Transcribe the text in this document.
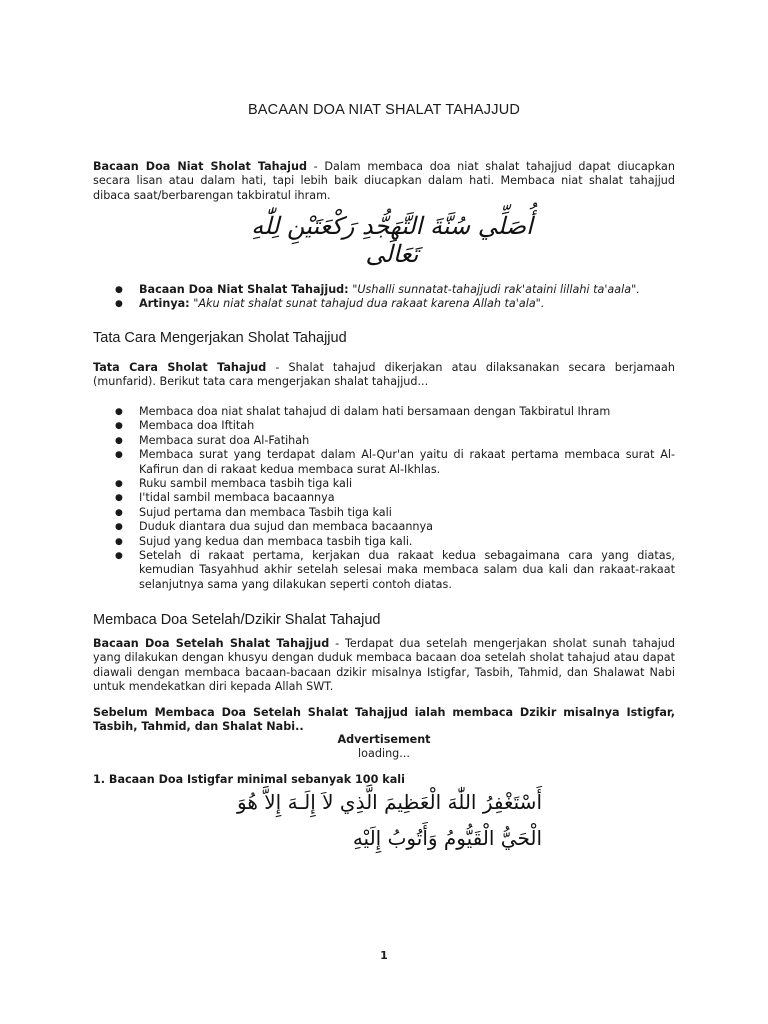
BACAAN DOA NIAT SHALAT TAHAJJUD
Bacaan Doa Niat Sholat Tahajud - Dalam membaca doa niat shalat tahajjud dapat diucapkan secara lisan atau dalam hati, tapi lebih baik diucapkan dalam hati. Membaca niat shalat tahajjud dibaca saat/berbarengan takbiratul ihram.
أُصَلِّي سُنَّةَ التَّهَجُّدِ رَكْعَتَيْنِ لِلّٰهِ تَعَالَى
● Bacaan Doa Niat Shalat Tahajjud: "Ushalli sunnatat-tahajjudi rak'ataini lillahi ta'aala".
● Artinya: "Aku niat shalat sunat tahajud dua rakaat karena Allah ta'ala".
Tata Cara Mengerjakan Sholat Tahajjud
Tata Cara Sholat Tahajud - Shalat tahajud dikerjakan atau dilaksanakan secara berjamaah (munfarid). Berikut tata cara mengerjakan shalat tahajjud...
● Membaca doa niat shalat tahajud di dalam hati bersamaan dengan Takbiratul Ihram
● Membaca doa Iftitah
● Membaca surat doa Al-Fatihah
● Membaca surat yang terdapat dalam Al-Qur'an yaitu di rakaat pertama membaca surat Al-Kafirun dan di rakaat kedua membaca surat Al-Ikhlas.
● Ruku sambil membaca tasbih tiga kali
● I'tidal sambil membaca bacaannya
● Sujud pertama dan membaca Tasbih tiga kali
● Duduk diantara dua sujud dan membaca bacaannya
● Sujud yang kedua dan membaca tasbih tiga kali.
● Setelah di rakaat pertama, kerjakan dua rakaat kedua sebagaimana cara yang diatas, kemudian Tasyahhud akhir setelah selesai maka membaca salam dua kali dan rakaat-rakaat selanjutnya sama yang dilakukan seperti contoh diatas.
Membaca Doa Setelah/Dzikir Shalat Tahajud
Bacaan Doa Setelah Shalat Tahajjud - Terdapat dua setelah mengerjakan sholat sunah tahajud yang dilakukan dengan khusyu dengan duduk membaca bacaan doa setelah sholat tahajud atau dapat diawali dengan membaca bacaan-bacaan dzikir misalnya Istigfar, Tasbih, Tahmid, dan Shalawat Nabi untuk mendekatkan diri kepada Allah SWT.
Sebelum Membaca Doa Setelah Shalat Tahajjud ialah membaca Dzikir misalnya Istigfar, Tasbih, Tahmid, dan Shalat Nabi..
Advertisement
loading...
1. Bacaan Doa Istigfar minimal sebanyak 100 kali
أَسْتَغْفِرُ اللّٰهَ الْعَظِيمَ الَّذِي لاَ إِلَـهَ إِلاَّ هُوَ
الْحَيُّ الْقَيُّومُ وَأَتُوبُ إِلَيْهِ
1
